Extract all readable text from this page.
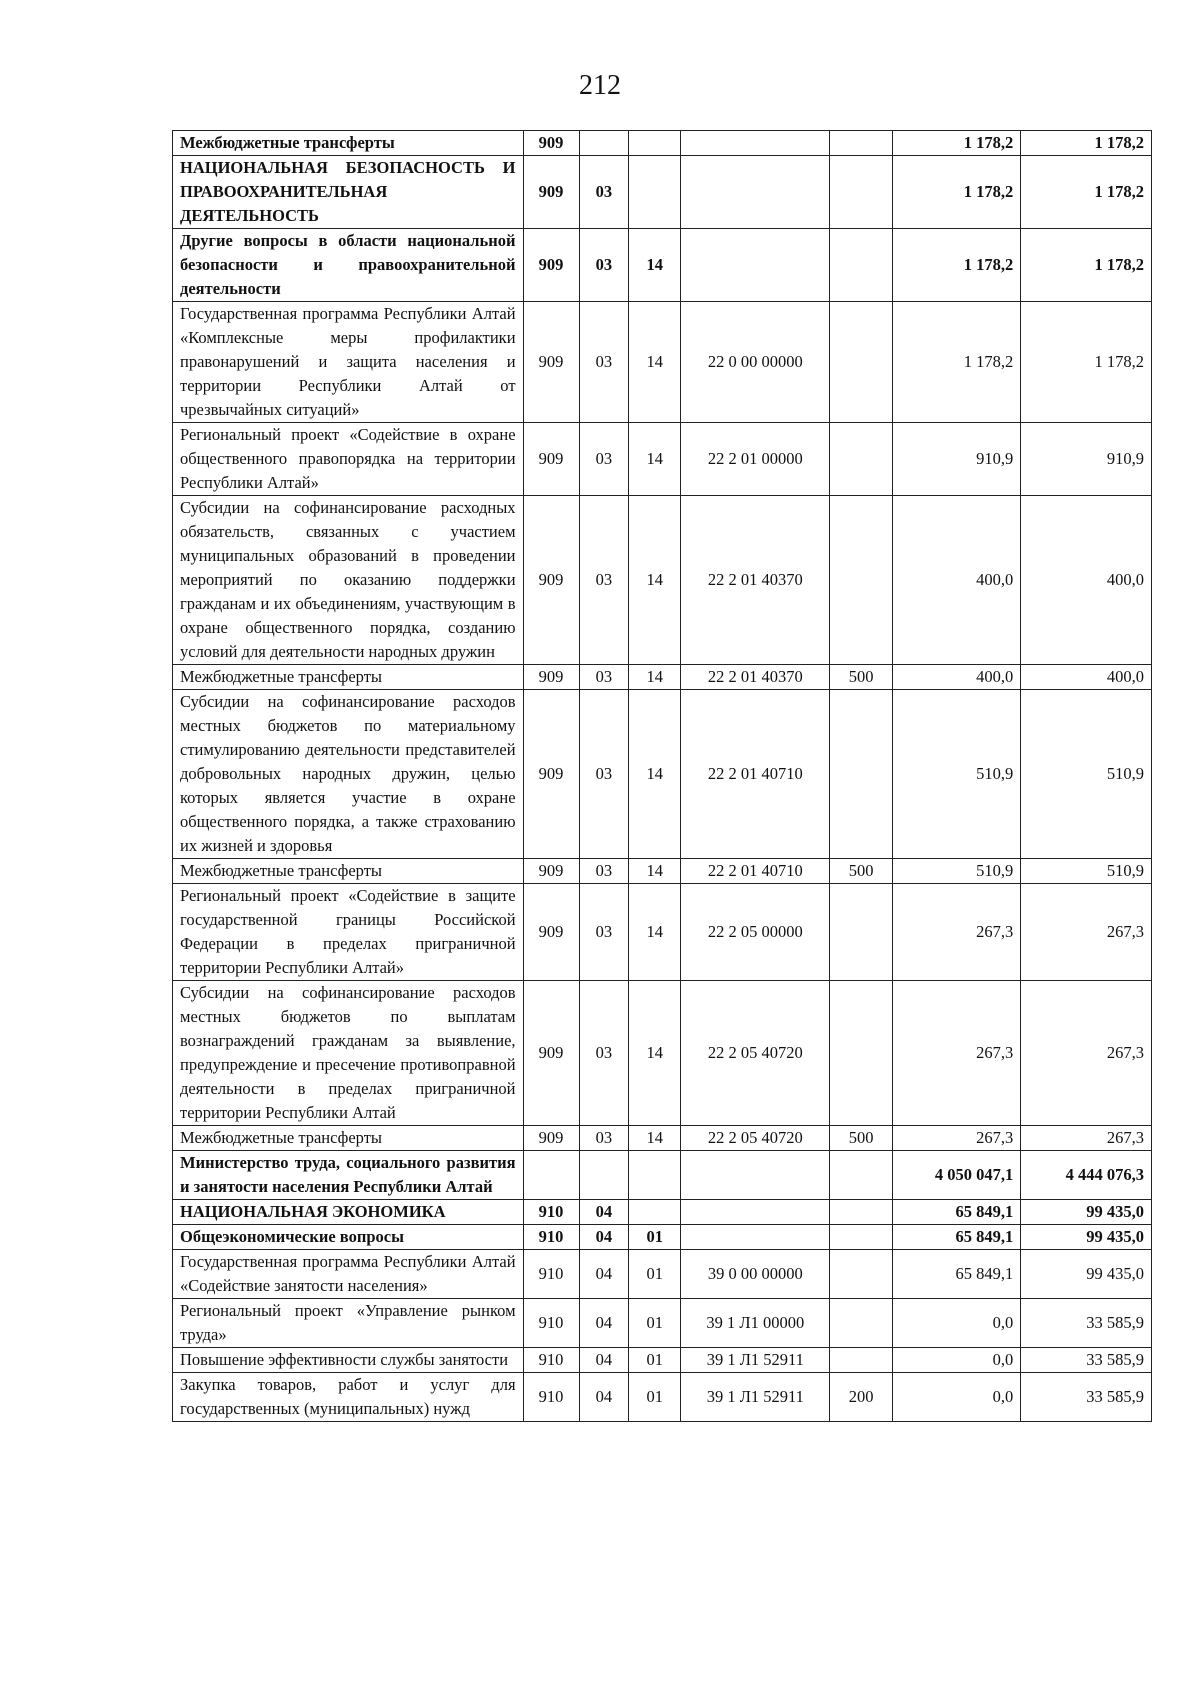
212
Межбюджетные трансферты	909					1 178,2	1 178,2
НАЦИОНАЛЬНАЯ БЕЗОПАСНОСТЬ И ПРАВООХРАНИТЕЛЬНАЯ ДЕЯТЕЛЬНОСТЬ	909	03				1 178,2	1 178,2
Другие вопросы в области национальной безопасности и правоохранительной деятельности	909	03	14			1 178,2	1 178,2
Государственная программа Республики Алтай «Комплексные меры профилактики правонарушений и защита населения и территории Республики Алтай от чрезвычайных ситуаций»	909	03	14	22 0 00 00000		1 178,2	1 178,2
Региональный проект «Содействие в охране общественного правопорядка на территории Республики Алтай»	909	03	14	22 2 01 00000		910,9	910,9
Субсидии на софинансирование расходных обязательств, связанных с участием муниципальных образований в проведении мероприятий по оказанию поддержки гражданам и их объединениям, участвующим в охране общественного порядка, созданию условий для деятельности народных дружин	909	03	14	22 2 01 40370		400,0	400,0
Межбюджетные трансферты	909	03	14	22 2 01 40370	500	400,0	400,0
Субсидии на софинансирование расходов местных бюджетов по материальному стимулированию деятельности представителей добровольных народных дружин, целью которых является участие в охране общественного порядка, а также страхованию их жизней и здоровья	909	03	14	22 2 01 40710		510,9	510,9
Межбюджетные трансферты	909	03	14	22 2 01 40710	500	510,9	510,9
Региональный проект «Содействие в защите государственной границы Российской Федерации в пределах приграничной территории Республики Алтай»	909	03	14	22 2 05 00000		267,3	267,3
Субсидии на софинансирование расходов местных бюджетов по выплатам вознаграждений гражданам за выявление, предупреждение и пресечение противоправной деятельности в пределах приграничной территории Республики Алтай	909	03	14	22 2 05 40720		267,3	267,3
Межбюджетные трансферты	909	03	14	22 2 05 40720	500	267,3	267,3
Министерство труда, социального развития и занятости населения Республики Алтай						4 050 047,1	4 444 076,3
НАЦИОНАЛЬНАЯ ЭКОНОМИКА	910	04				65 849,1	99 435,0
Общеэкономические вопросы	910	04	01			65 849,1	99 435,0
Государственная программа Республики Алтай «Содействие занятости населения»	910	04	01	39 0 00 00000		65 849,1	99 435,0
Региональный проект «Управление рынком труда»	910	04	01	39 1 Л1 00000		0,0	33 585,9
Повышение эффективности службы занятости	910	04	01	39 1 Л1 52911		0,0	33 585,9
Закупка товаров, работ и услуг для государственных (муниципальных) нужд	910	04	01	39 1 Л1 52911	200	0,0	33 585,9
